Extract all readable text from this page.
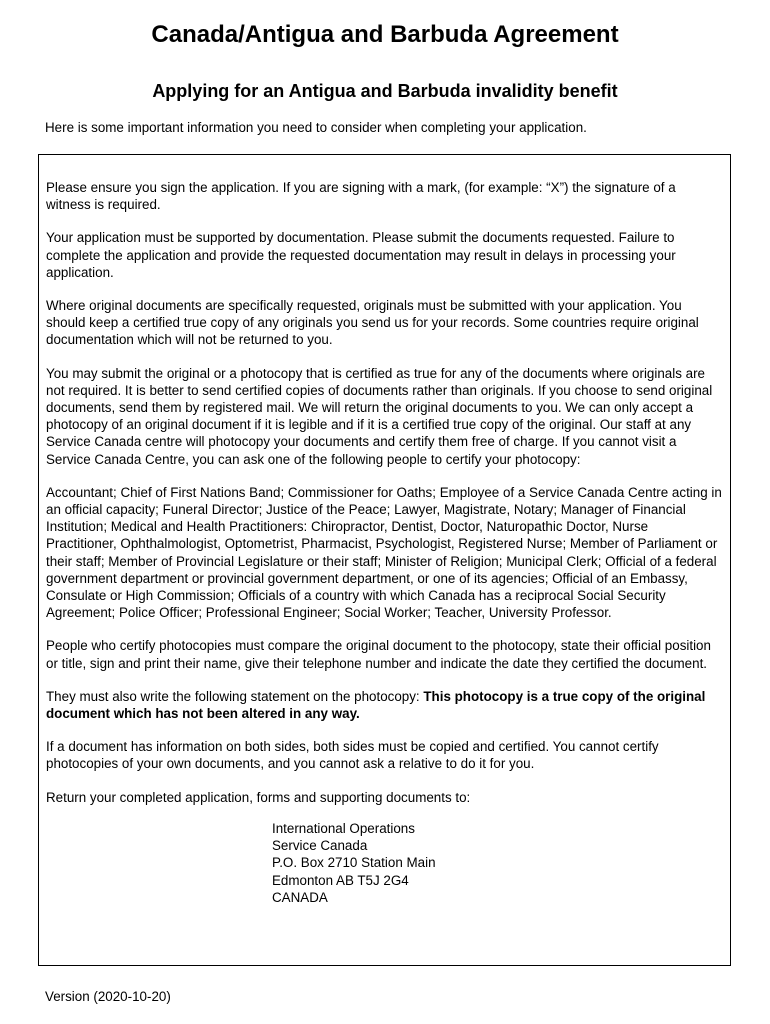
Canada/Antigua and Barbuda Agreement
Applying for an Antigua and Barbuda invalidity benefit

Here is some important information you need to consider when completing your application.

Please ensure you sign the application. If you are signing with a mark, (for example: “X”) the signature of a witness is required.

Your application must be supported by documentation. Please submit the documents requested. Failure to complete the application and provide the requested documentation may result in delays in processing your application.

Where original documents are specifically requested, originals must be submitted with your application. You should keep a certified true copy of any originals you send us for your records. Some countries require original documentation which will not be returned to you.

You may submit the original or a photocopy that is certified as true for any of the documents where originals are not required. It is better to send certified copies of documents rather than originals. If you choose to send original documents, send them by registered mail. We will return the original documents to you. We can only accept a photocopy of an original document if it is legible and if it is a certified true copy of the original. Our staff at any Service Canada centre will photocopy your documents and certify them free of charge. If you cannot visit a Service Canada Centre, you can ask one of the following people to certify your photocopy:

Accountant; Chief of First Nations Band; Commissioner for Oaths; Employee of a Service Canada Centre acting in an official capacity; Funeral Director; Justice of the Peace; Lawyer, Magistrate, Notary; Manager of Financial Institution; Medical and Health Practitioners: Chiropractor, Dentist, Doctor, Naturopathic Doctor, Nurse Practitioner, Ophthalmologist, Optometrist, Pharmacist, Psychologist, Registered Nurse; Member of Parliament or their staff; Member of Provincial Legislature or their staff; Minister of Religion; Municipal Clerk; Official of a federal government department or provincial government department, or one of its agencies; Official of an Embassy, Consulate or High Commission; Officials of a country with which Canada has a reciprocal Social Security Agreement; Police Officer; Professional Engineer; Social Worker; Teacher, University Professor.

People who certify photocopies must compare the original document to the photocopy, state their official position or title, sign and print their name, give their telephone number and indicate the date they certified the document.

They must also write the following statement on the photocopy: This photocopy is a true copy of the original document which has not been altered in any way.

If a document has information on both sides, both sides must be copied and certified. You cannot certify photocopies of your own documents, and you cannot ask a relative to do it for you.

Return your completed application, forms and supporting documents to:

International Operations
Service Canada
P.O. Box 2710 Station Main
Edmonton AB T5J 2G4
CANADA

Version (2020-10-20)
